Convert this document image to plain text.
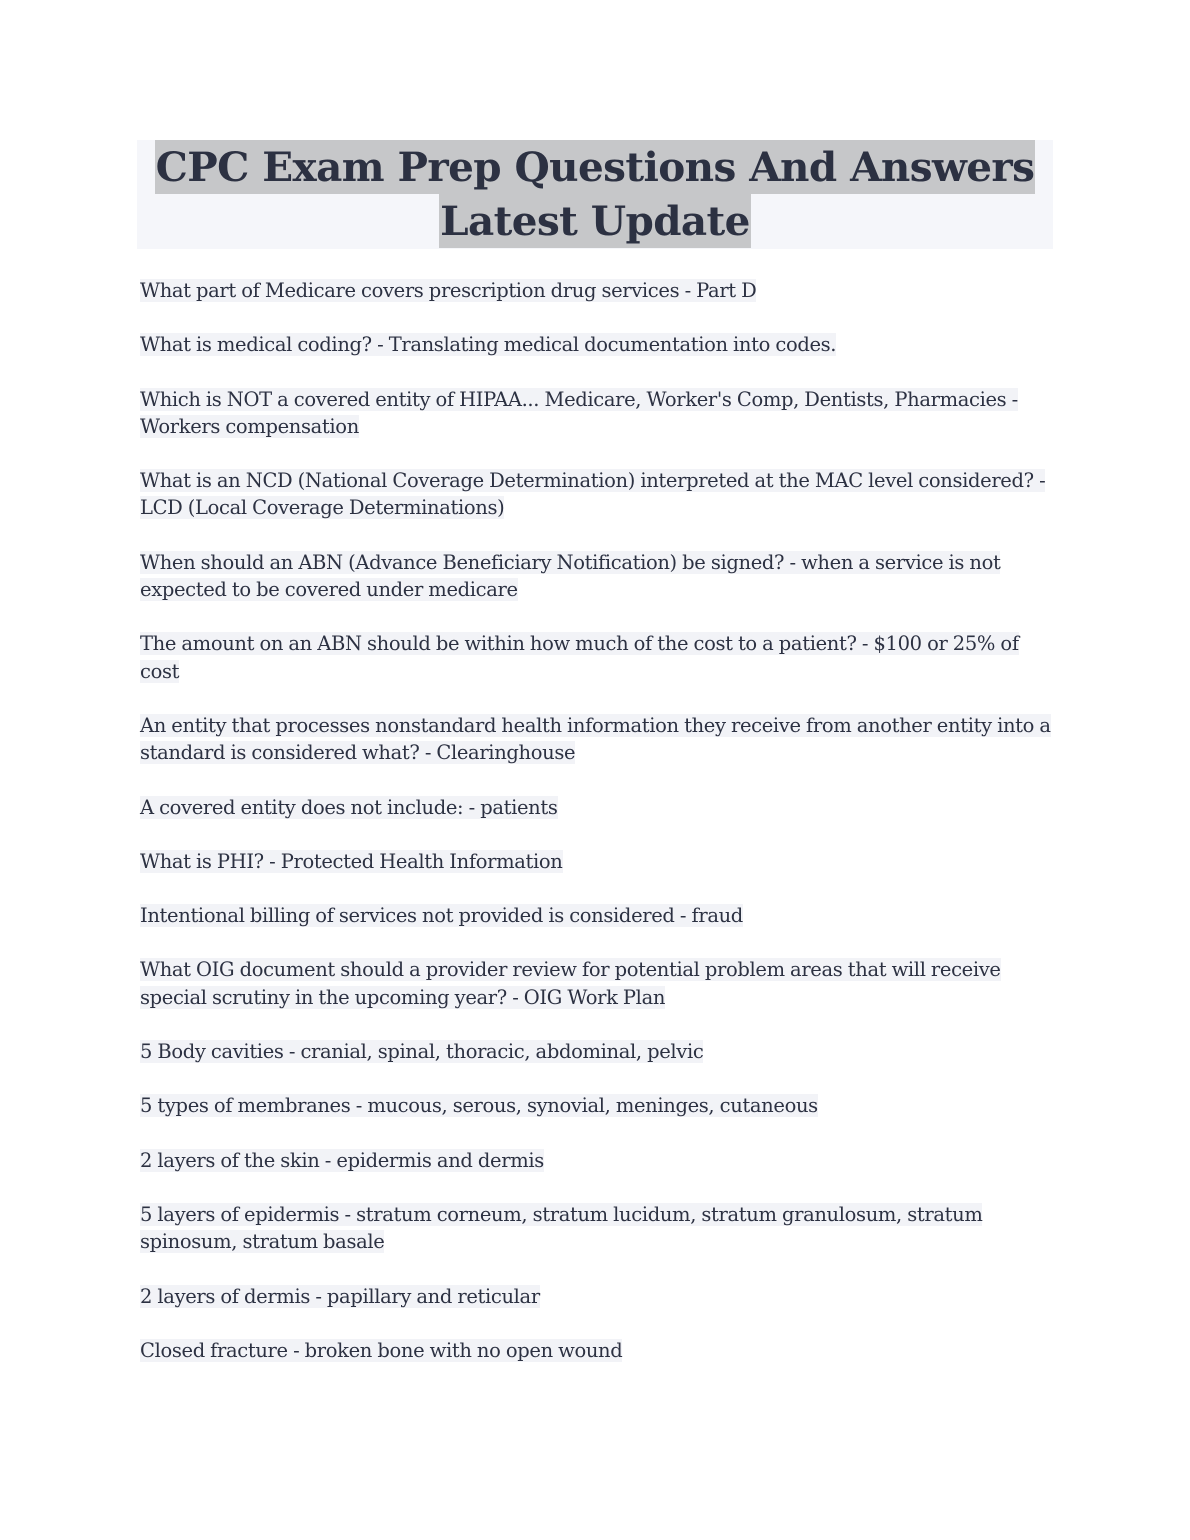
CPC Exam Prep Questions And Answers
Latest Update

What part of Medicare covers prescription drug services - Part D

What is medical coding? - Translating medical documentation into codes.

Which is NOT a covered entity of HIPAA... Medicare, Worker's Comp, Dentists, Pharmacies - Workers compensation

What is an NCD (National Coverage Determination) interpreted at the MAC level considered? - LCD (Local Coverage Determinations)

When should an ABN (Advance Beneficiary Notification) be signed? - when a service is not expected to be covered under medicare

The amount on an ABN should be within how much of the cost to a patient? - $100 or 25% of cost

An entity that processes nonstandard health information they receive from another entity into a standard is considered what? - Clearinghouse

A covered entity does not include: - patients

What is PHI? - Protected Health Information

Intentional billing of services not provided is considered - fraud

What OIG document should a provider review for potential problem areas that will receive special scrutiny in the upcoming year? - OIG Work Plan

5 Body cavities - cranial, spinal, thoracic, abdominal, pelvic

5 types of membranes - mucous, serous, synovial, meninges, cutaneous

2 layers of the skin - epidermis and dermis

5 layers of epidermis - stratum corneum, stratum lucidum, stratum granulosum, stratum spinosum, stratum basale

2 layers of dermis - papillary and reticular

Closed fracture - broken bone with no open wound
